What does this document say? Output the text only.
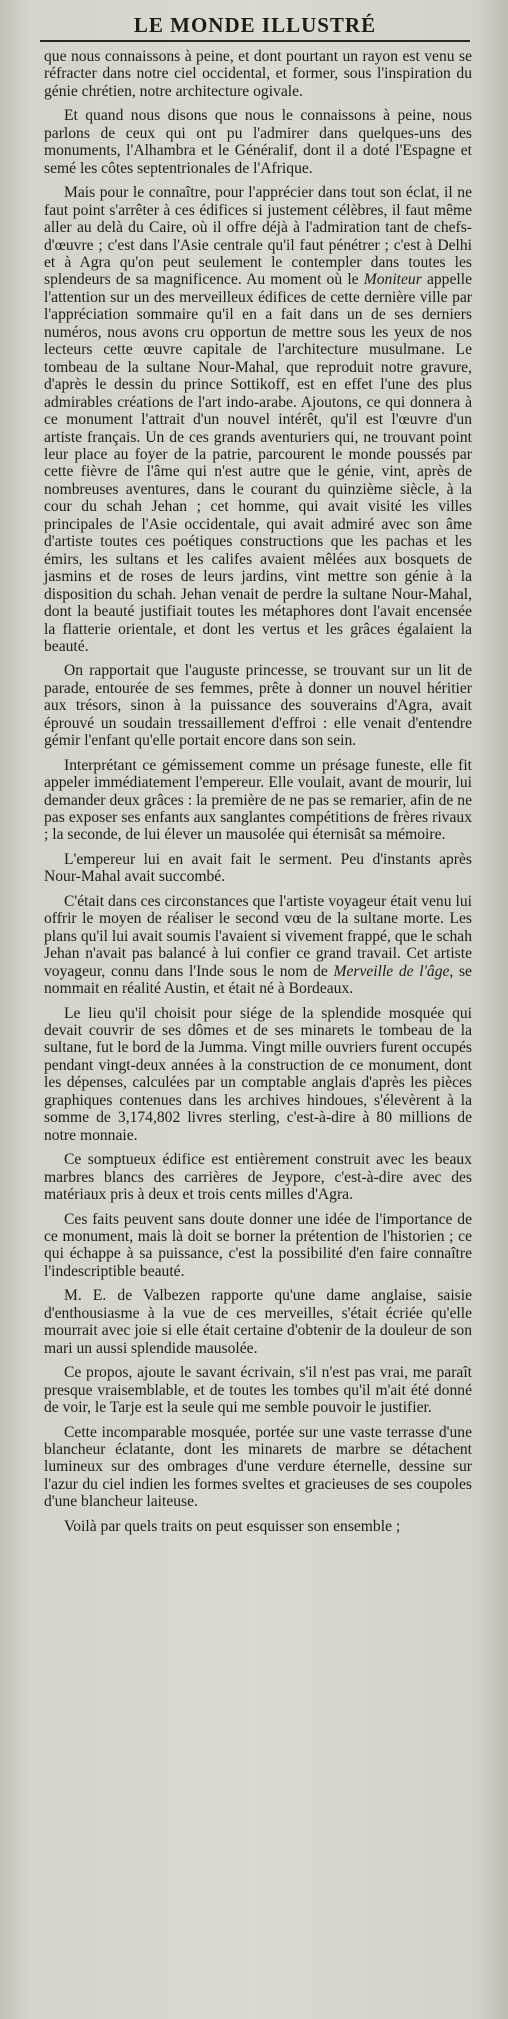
LE MONDE ILLUSTRÉ

que nous connaissons à peine, et dont pourtant un rayon est venu se réfracter dans notre ciel occidental, et former, sous l'inspiration du génie chrétien, notre architecture ogivale.

Et quand nous disons que nous le connaissons à peine, nous parlons de ceux qui ont pu l'admirer dans quelques-uns des monuments, l'Alhambra et le Généralif, dont il a doté l'Espagne et semé les côtes septentrionales de l'Afrique.

Mais pour le connaître, pour l'apprécier dans tout son éclat, il ne faut point s'arrêter à ces édifices si justement célèbres, il faut même aller au delà du Caire, où il offre déjà à l'admiration tant de chefs-d'œuvre ; c'est dans l'Asie centrale qu'il faut pénétrer ; c'est à Delhi et à Agra qu'on peut seulement le contempler dans toutes les splendeurs de sa magnificence. Au moment où le Moniteur appelle l'attention sur un des merveilleux édifices de cette dernière ville par l'appréciation sommaire qu'il en a fait dans un de ses derniers numéros, nous avons cru opportun de mettre sous les yeux de nos lecteurs cette œuvre capitale de l'architecture musulmane. Le tombeau de la sultane Nour-Mahal, que reproduit notre gravure, d'après le dessin du prince Sottikoff, est en effet l'une des plus admirables créations de l'art indo-arabe. Ajoutons, ce qui donnera à ce monument l'attrait d'un nouvel intérêt, qu'il est l'œuvre d'un artiste français. Un de ces grands aventuriers qui, ne trouvant point leur place au foyer de la patrie, parcourent le monde poussés par cette fièvre de l'âme qui n'est autre que le génie, vint, après de nombreuses aventures, dans le courant du quinzième siècle, à la cour du schah Jehan ; cet homme, qui avait visité les villes principales de l'Asie occidentale, qui avait admiré avec son âme d'artiste toutes ces poétiques constructions que les pachas et les émirs, les sultans et les califes avaient mêlées aux bosquets de jasmins et de roses de leurs jardins, vint mettre son génie à la disposition du schah. Jehan venait de perdre la sultane Nour-Mahal, dont la beauté justifiait toutes les métaphores dont l'avait encensée la flatterie orientale, et dont les vertus et les grâces égalaient la beauté.

On rapportait que l'auguste princesse, se trouvant sur un lit de parade, entourée de ses femmes, prête à donner un nouvel héritier aux trésors, sinon à la puissance des souverains d'Agra, avait éprouvé un soudain tressaillement d'effroi : elle venait d'entendre gémir l'enfant qu'elle portait encore dans son sein.

Interprétant ce gémissement comme un présage funeste, elle fit appeler immédiatement l'empereur. Elle voulait, avant de mourir, lui demander deux grâces : la première de ne pas se remarier, afin de ne pas exposer ses enfants aux sanglantes compétitions de frères rivaux ; la seconde, de lui élever un mausolée qui éternisât sa mémoire.

L'empereur lui en avait fait le serment. Peu d'instants après Nour-Mahal avait succombé.

C'était dans ces circonstances que l'artiste voyageur était venu lui offrir le moyen de réaliser le second vœu de la sultane morte. Les plans qu'il lui avait soumis l'avaient si vivement frappé, que le schah Jehan n'avait pas balancé à lui confier ce grand travail. Cet artiste voyageur, connu dans l'Inde sous le nom de Merveille de l'âge, se nommait en réalité Austin, et était né à Bordeaux.

Le lieu qu'il choisit pour siége de la splendide mosquée qui devait couvrir de ses dômes et de ses minarets le tombeau de la sultane, fut le bord de la Jumma. Vingt mille ouvriers furent occupés pendant vingt-deux années à la construction de ce monument, dont les dépenses, calculées par un comptable anglais d'après les pièces graphiques contenues dans les archives hindoues, s'élevèrent à la somme de 3,174,802 livres sterling, c'est-à-dire à 80 millions de notre monnaie.

Ce somptueux édifice est entièrement construit avec les beaux marbres blancs des carrières de Jeypore, c'est-à-dire avec des matériaux pris à deux et trois cents milles d'Agra.

Ces faits peuvent sans doute donner une idée de l'importance de ce monument, mais là doit se borner la prétention de l'historien ; ce qui échappe à sa puissance, c'est la possibilité d'en faire connaître l'indescriptible beauté.

M. E. de Valbezen rapporte qu'une dame anglaise, saisie d'enthousiasme à la vue de ces merveilles, s'était écriée qu'elle mourrait avec joie si elle était certaine d'obtenir de la douleur de son mari un aussi splendide mausolée.

Ce propos, ajoute le savant écrivain, s'il n'est pas vrai, me paraît presque vraisemblable, et de toutes les tombes qu'il m'ait été donné de voir, le Tarje est la seule qui me semble pouvoir le justifier.

Cette incomparable mosquée, portée sur une vaste terrasse d'une blancheur éclatante, dont les minarets de marbre se détachent lumineux sur des ombrages d'une verdure éternelle, dessine sur l'azur du ciel indien les formes sveltes et gracieuses de ses coupoles d'une blancheur laiteuse.

Voilà par quels traits on peut esquisser son ensemble ;
